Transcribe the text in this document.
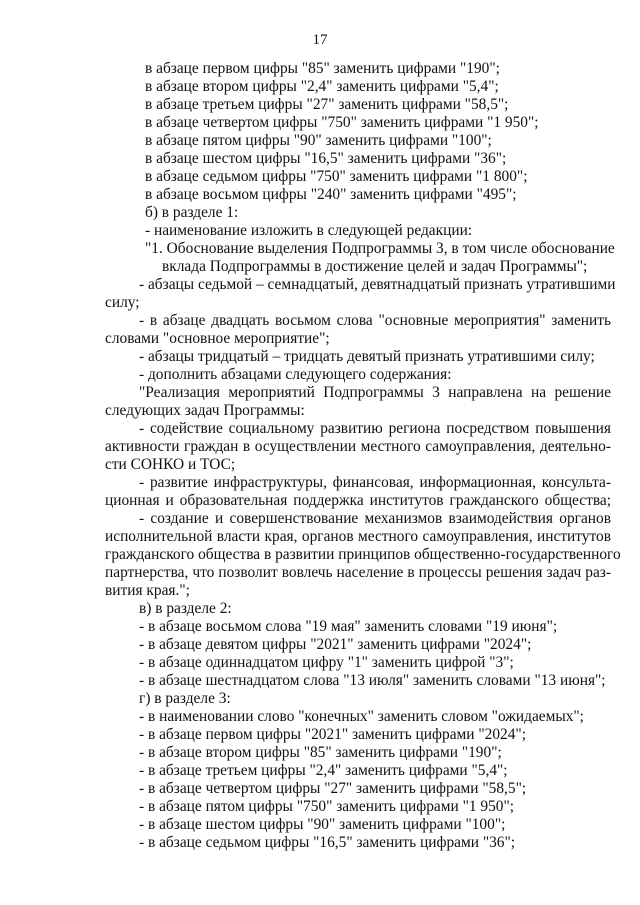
17
в абзаце первом цифры "85" заменить цифрами "190";
в абзаце втором цифры "2,4" заменить цифрами "5,4";
в абзаце третьем цифры "27" заменить цифрами "58,5";
в абзаце четвертом цифры "750" заменить цифрами "1 950";
в абзаце пятом цифры "90" заменить цифрами "100";
в абзаце шестом цифры "16,5" заменить цифрами "36";
в абзаце седьмом цифры "750" заменить цифрами "1 800";
в абзаце восьмом цифры "240" заменить цифрами "495";
б) в разделе 1:
- наименование изложить в следующей редакции:
"1. Обоснование выделения Подпрограммы 3, в том числе обоснование
вклада Подпрограммы в достижение целей и задач Программы";
- абзацы седьмой – семнадцатый, девятнадцатый признать утратившими
силу;
- в абзаце двадцать восьмом слова "основные мероприятия" заменить
словами "основное мероприятие";
- абзацы тридцатый – тридцать девятый признать утратившими силу;
- дополнить абзацами следующего содержания:
"Реализация мероприятий Подпрограммы 3 направлена на решение
следующих задач Программы:
- содействие социальному развитию региона посредством повышения
активности граждан в осуществлении местного самоуправления, деятельно-
сти СОНКО и ТОС;
- развитие инфраструктуры, финансовая, информационная, консульта-
ционная и образовательная поддержка институтов гражданского общества;
- создание и совершенствование механизмов взаимодействия органов
исполнительной власти края, органов местного самоуправления, институтов
гражданского общества в развитии принципов общественно-государственного
партнерства, что позволит вовлечь население в процессы решения задач раз-
вития края.";
в) в разделе 2:
- в абзаце восьмом слова "19 мая" заменить словами "19 июня";
- в абзаце девятом цифры "2021" заменить цифрами "2024";
- в абзаце одиннадцатом цифру "1" заменить цифрой "3";
- в абзаце шестнадцатом слова "13 июля" заменить словами "13 июня";
г) в разделе 3:
- в наименовании слово "конечных" заменить словом "ожидаемых";
- в абзаце первом цифры "2021" заменить цифрами "2024";
- в абзаце втором цифры "85" заменить цифрами "190";
- в абзаце третьем цифры "2,4" заменить цифрами "5,4";
- в абзаце четвертом цифры "27" заменить цифрами "58,5";
- в абзаце пятом цифры "750" заменить цифрами "1 950";
- в абзаце шестом цифры "90" заменить цифрами "100";
- в абзаце седьмом цифры "16,5" заменить цифрами "36";
